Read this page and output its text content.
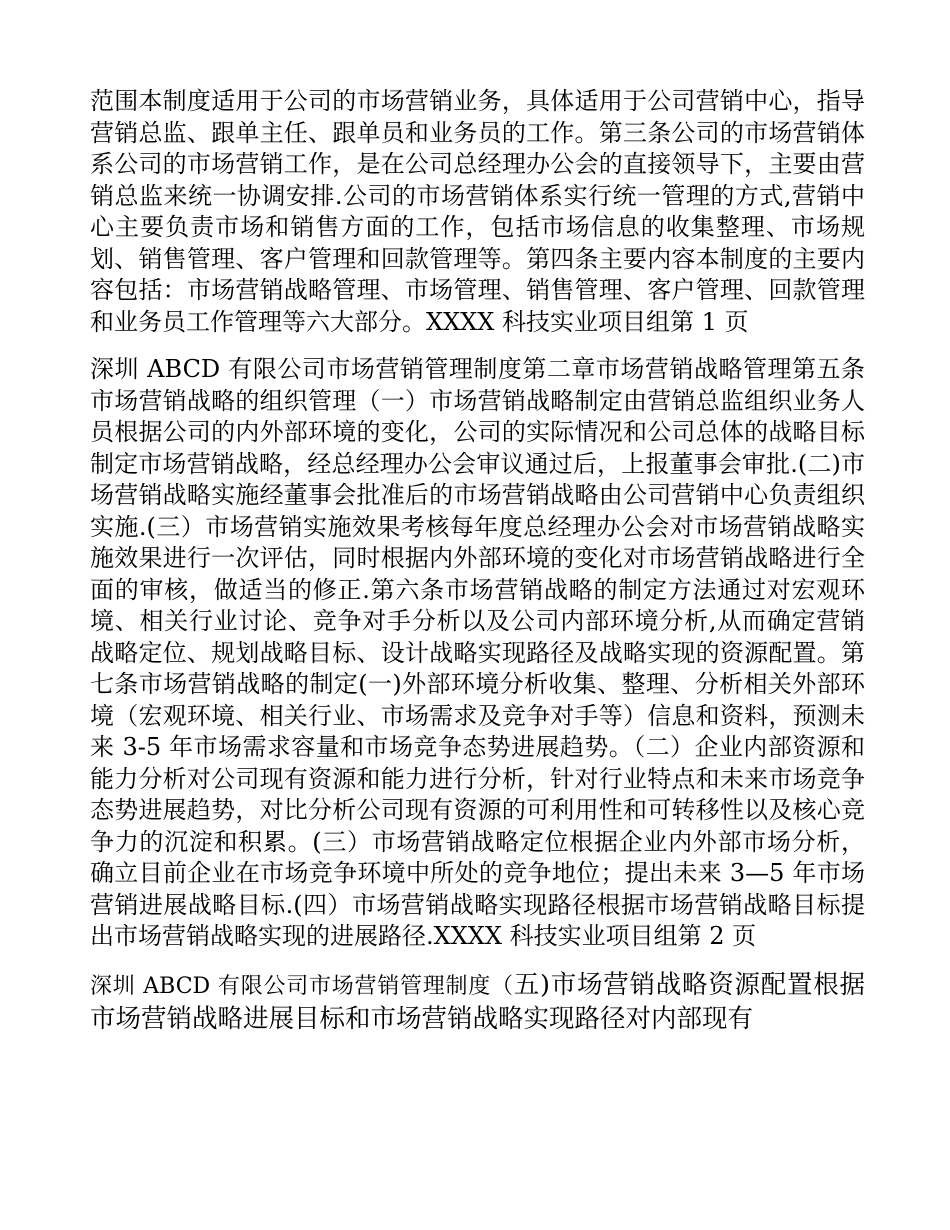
范围本制度适用于公司的市场营销业务，具体适用于公司营销中心，指导营销总监、跟单主任、跟单员和业务员的工作。第三条公司的市场营销体系公司的市场营销工作，是在公司总经理办公会的直接领导下，主要由营销总监来统一协调安排.公司的市场营销体系实行统一管理的方式,营销中心主要负责市场和销售方面的工作，包括市场信息的收集整理、市场规划、销售管理、客户管理和回款管理等。第四条主要内容本制度的主要内容包括：市场营销战略管理、市场管理、销售管理、客户管理、回款管理和业务员工作管理等六大部分。XXXX 科技实业项目组第 1 页

深圳 ABCD 有限公司市场营销管理制度第二章市场营销战略管理第五条市场营销战略的组织管理（一）市场营销战略制定由营销总监组织业务人员根据公司的内外部环境的变化，公司的实际情况和公司总体的战略目标制定市场营销战略，经总经理办公会审议通过后，上报董事会审批.(二)市场营销战略实施经董事会批准后的市场营销战略由公司营销中心负责组织实施.(三）市场营销实施效果考核每年度总经理办公会对市场营销战略实施效果进行一次评估，同时根据内外部环境的变化对市场营销战略进行全面的审核，做适当的修正.第六条市场营销战略的制定方法通过对宏观环境、相关行业讨论、竞争对手分析以及公司内部环境分析,从而确定营销战略定位、规划战略目标、设计战略实现路径及战略实现的资源配置。第七条市场营销战略的制定(一)外部环境分析收集、整理、分析相关外部环境（宏观环境、相关行业、市场需求及竞争对手等）信息和资料，预测未来 3-5 年市场需求容量和市场竞争态势进展趋势。（二）企业内部资源和能力分析对公司现有资源和能力进行分析，针对行业特点和未来市场竞争态势进展趋势，对比分析公司现有资源的可利用性和可转移性以及核心竞争力的沉淀和积累。(三）市场营销战略定位根据企业内外部市场分析，确立目前企业在市场竞争环境中所处的竞争地位；提出未来 3—5 年市场营销进展战略目标.(四）市场营销战略实现路径根据市场营销战略目标提出市场营销战略实现的进展路径.XXXX 科技实业项目组第 2 页

深圳 ABCD 有限公司市场营销管理制度（五)市场营销战略资源配置根据市场营销战略进展目标和市场营销战略实现路径对内部现有
